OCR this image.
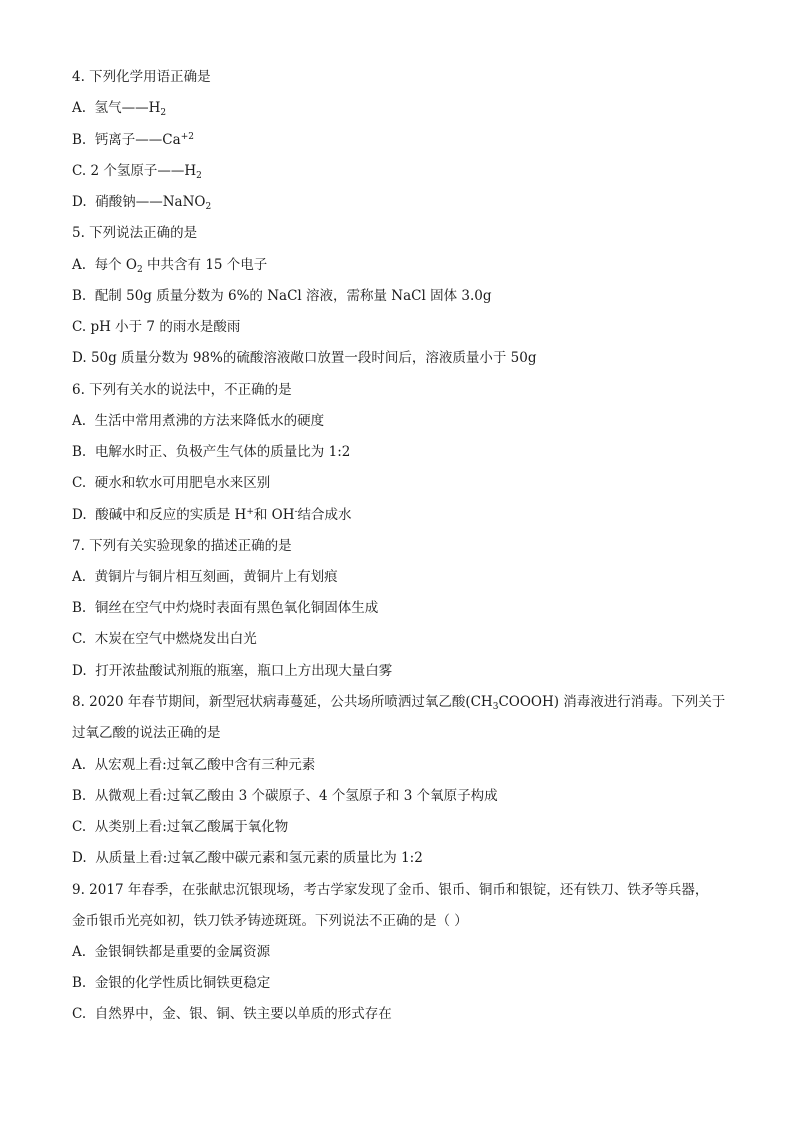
4. 下列化学用语正确是
A. 氢气$——H_2$
B. 钙离子$——Ca^{+2}$
C. 2 个氢原子$——H_2$
D. 硝酸钠——NaNO$_2$
5. 下列说法正确的是
A. 每个 $O_2$ 中共含有 15 个电子
B. 配制 50g 质量分数为 6%的 NaCl 溶液，需称量 NaCl 固体 3.0g
C. pH 小于 7 的雨水是酸雨
D. 50g 质量分数为 98%的硫酸溶液敞口放置一段时间后，溶液质量小于 50g
6. 下列有关水的说法中，不正确的是
A. 生活中常用煮沸的方法来降低水的硬度
B. 电解水时正、负极产生气体的质量比为 1:2
C. 硬水和软水可用肥皂水来区别
D. 酸碱中和反应的实质是 H+和 OH-结合成水
7. 下列有关实验现象的描述正确的是
A. 黄铜片与铜片相互刻画，黄铜片上有划痕
B. 铜丝在空气中灼烧时表面有黑色氧化铜固体生成
C. 木炭在空气中燃烧发出白光
D. 打开浓盐酸试剂瓶的瓶塞，瓶口上方出现大量白雾
8. 2020 年春节期间，新型冠状病毒蔓延，公共场所喷洒过氧乙酸$(CH_3COOOH)$ 消毒液进行消毒。下列关于
过氧乙酸的说法正确的是
A. 从宏观上看:过氧乙酸中含有三种元素
B. 从微观上看:过氧乙酸由 3 个碳原子、4 个氢原子和 3 个氧原子构成
C. 从类别上看:过氧乙酸属于氧化物
D. 从质量上看:过氧乙酸中碳元素和氢元素的质量比为 1:2
9. 2017 年春季，在张献忠沉银现场，考古学家发现了金币、银币、铜币和银锭，还有铁刀、铁矛等兵器，
金币银币光亮如初，铁刀铁矛铸迹斑斑。下列说法不正确的是（ ）
A. 金银铜铁都是重要的金属资源
B. 金银的化学性质比铜铁更稳定
C. 自然界中，金、银、铜、铁主要以单质的形式存在
